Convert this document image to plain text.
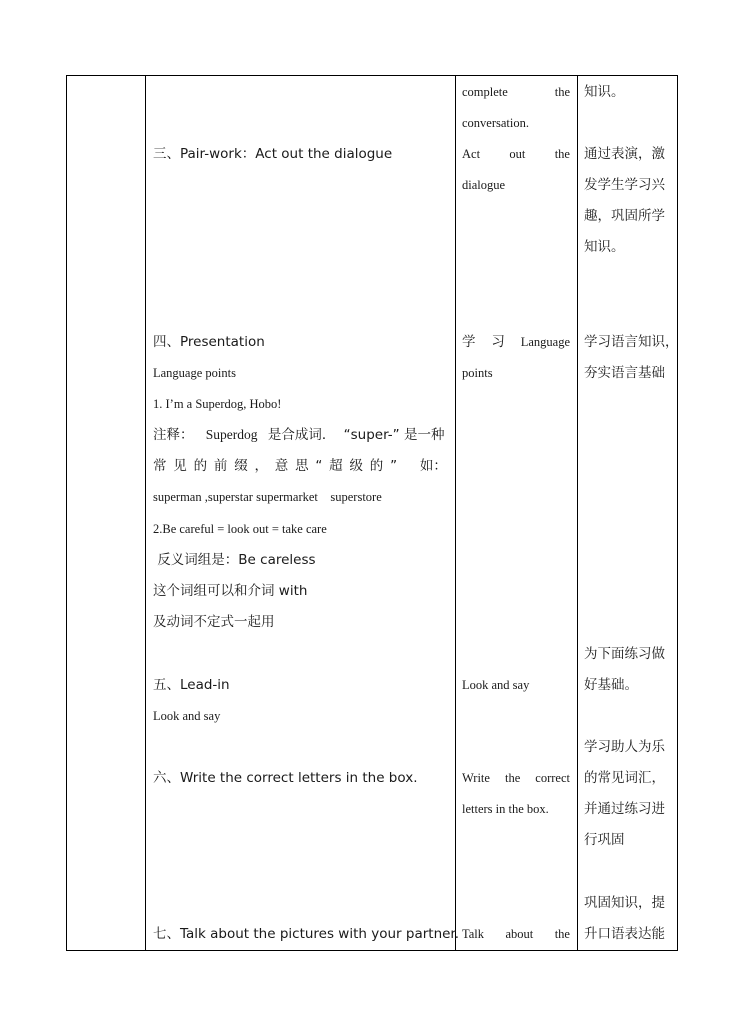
三、Pair-work：Act out the dialogue
四、Presentation
Language points
1. I’m a Superdog, Hobo!
注释： Superdog 是合成词． “super-” 是一种
常 见 的 前 缀 ， 意 思 “ 超 级 的 ” 如：
superman ,superstar supermarket    superstore
2.Be careful = look out = take care
反义词组是：Be careless
这个词组可以和介词 with
及动词不定式一起用
五、Lead-in
Look and say
六、Write the correct letters in the box.
七、Talk about the pictures with your partner.
complete	the
conversation.
Act out the
dialogue
学 习 Language
points
Look and say
Write the correct
letters in the box.
Talk about the
知识。
通过表演，激
发学生学习兴
趣，巩固所学
知识。
学习语言知识，
夯实语言基础
为下面练习做
好基础。
学习助人为乐
的常见词汇，
并通过练习进
行巩固
巩固知识，提
升口语表达能
